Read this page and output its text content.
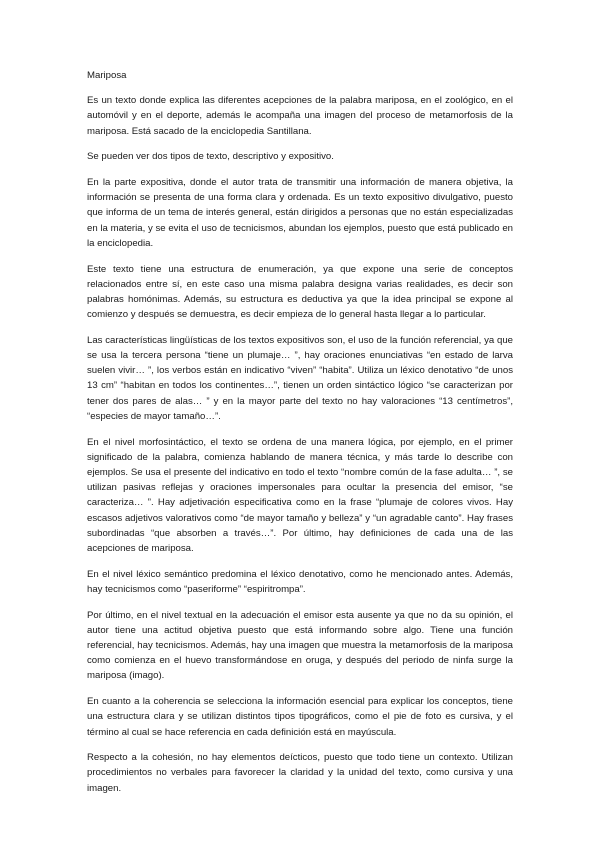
Mariposa

Es un texto donde explica las diferentes acepciones de la palabra mariposa, en el zoológico, en el automóvil y en el deporte, además le acompaña una imagen del proceso de metamorfosis de la mariposa. Está sacado de la enciclopedia Santillana.

Se pueden ver dos tipos de texto, descriptivo y expositivo.

En la parte expositiva, donde el autor trata de transmitir una información de manera objetiva, la información se presenta de una forma clara y ordenada. Es un texto expositivo divulgativo, puesto que informa de un tema de interés general, están dirigidos a personas que no están especializadas en la materia, y se evita el uso de tecnicismos, abundan los ejemplos, puesto que está publicado en la enciclopedia.

Este texto tiene una estructura de enumeración, ya que expone una serie de conceptos relacionados entre sí, en este caso una misma palabra designa varias realidades, es decir son palabras homónimas. Además, su estructura es deductiva ya que la idea principal se expone al comienzo y después se demuestra, es decir empieza de lo general hasta llegar a lo particular.

Las características lingüísticas de los textos expositivos son, el uso de la función referencial, ya que se usa la tercera persona “tiene un plumaje… ”, hay oraciones enunciativas “en estado de larva suelen vivir… ”, los verbos están en indicativo “viven” “habita”. Utiliza un léxico denotativo “de unos 13 cm” “habitan en todos los continentes…”, tienen un orden sintáctico lógico “se caracterizan por tener dos pares de alas… ” y en la mayor parte del texto no hay valoraciones “13 centímetros”, “especies de mayor tamaño…”.

En el nivel morfosintáctico, el texto se ordena de una manera lógica, por ejemplo, en el primer significado de la palabra, comienza hablando de manera técnica, y más tarde lo describe con ejemplos. Se usa el presente del indicativo en todo el texto “nombre común de la fase adulta… ”, se utilizan pasivas reflejas y oraciones impersonales para ocultar la presencia del emisor, “se caracteriza… ”. Hay adjetivación especificativa como en la frase “plumaje de colores vivos. Hay escasos adjetivos valorativos como “de mayor tamaño y belleza” y “un agradable canto”. Hay frases subordinadas “que absorben a través…”. Por último, hay definiciones de cada una de las acepciones de mariposa.

En el nivel léxico semántico predomina el léxico denotativo, como he mencionado antes. Además, hay tecnicismos como “paseriforme” “espiritrompa”.

Por último, en el nivel textual en la adecuación el emisor esta ausente ya que no da su opinión, el autor tiene una actitud objetiva puesto que está informando sobre algo. Tiene una función referencial, hay tecnicismos. Además, hay una imagen que muestra la metamorfosis de la mariposa como comienza en el huevo transformándose en oruga, y después del periodo de ninfa surge la mariposa (imago).

En cuanto a la coherencia se selecciona la información esencial para explicar los conceptos, tiene una estructura clara y se utilizan distintos tipos tipográficos, como el pie de foto es cursiva, y el término al cual se hace referencia en cada definición está en mayúscula.

Respecto a la cohesión, no hay elementos deícticos, puesto que todo tiene un contexto. Utilizan procedimientos no verbales para favorecer la claridad y la unidad del texto, como cursiva y una imagen.
